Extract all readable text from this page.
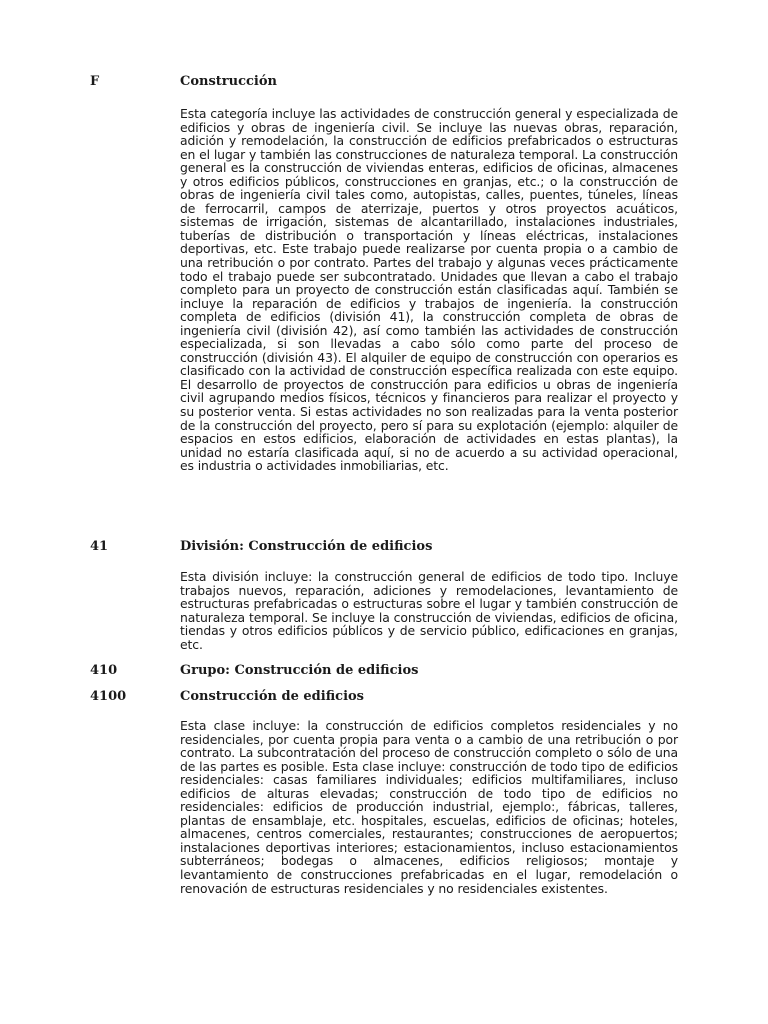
F	Construcción
Esta categoría incluye las actividades de construcción general y especializada de edificios y obras de ingeniería civil. Se incluye las nuevas obras, reparación, adición y remodelación, la construcción de edificios prefabricados o estructuras en el lugar y también las construcciones de naturaleza temporal. La construcción general es la construcción de viviendas enteras, edificios de oficinas, almacenes y otros edificios públicos, construcciones en granjas, etc.; o la construcción de obras de ingeniería civil tales como, autopistas, calles, puentes, túneles, líneas de ferrocarril, campos de aterrizaje, puertos y otros proyectos acuáticos, sistemas de irrigación, sistemas de alcantarillado, instalaciones industriales, tuberías de distribución o transportación y líneas eléctricas, instalaciones deportivas, etc. Este trabajo puede realizarse por cuenta propia o a cambio de una retribución o por contrato. Partes del trabajo y algunas veces prácticamente todo el trabajo puede ser subcontratado. Unidades que llevan a cabo el trabajo completo para un proyecto de construcción están clasificadas aquí. También se incluye la reparación de edificios y trabajos de ingeniería. la construcción completa de edificios (división 41), la construcción completa de obras de ingeniería civil (división 42), así como también las actividades de construcción especializada, si son llevadas a cabo sólo como parte del proceso de construcción (división 43). El alquiler de equipo de construcción con operarios es clasificado con la actividad de construcción específica realizada con este equipo. El desarrollo de proyectos de construcción para edificios u obras de ingeniería civil agrupando medios físicos, técnicos y financieros para realizar el proyecto y su posterior venta. Si estas actividades no son realizadas para la venta posterior de la construcción del proyecto, pero sí para su explotación (ejemplo: alquiler de espacios en estos edificios, elaboración de actividades en estas plantas), la unidad no estaría clasificada aquí, si no de acuerdo a su actividad operacional, es industria o actividades inmobiliarias, etc.
41	División: Construcción de edificios
Esta división incluye: la construcción general de edificios de todo tipo. Incluye trabajos nuevos, reparación, adiciones y remodelaciones, levantamiento de estructuras prefabricadas o estructuras sobre el lugar y también construcción de naturaleza temporal. Se incluye la construcción de viviendas, edificios de oficina, tiendas y otros edificios públicos y de servicio público, edificaciones en granjas, etc.
410	Grupo: Construcción de edificios
4100	Construcción de edificios
Esta clase incluye: la construcción de edificios completos residenciales y no residenciales, por cuenta propia para venta o a cambio de una retribución o por contrato. La subcontratación del proceso de construcción completo o sólo de una de las partes es posible. Esta clase incluye: construcción de todo tipo de edificios residenciales: casas familiares individuales; edificios multifamiliares, incluso edificios de alturas elevadas; construcción de todo tipo de edificios no residenciales: edificios de producción industrial, ejemplo:, fábricas, talleres, plantas de ensamblaje, etc. hospitales, escuelas, edificios de oficinas; hoteles, almacenes, centros comerciales, restaurantes; construcciones de aeropuertos; instalaciones deportivas interiores; estacionamientos, incluso estacionamientos subterráneos; bodegas o almacenes, edificios religiosos; montaje y levantamiento de construcciones prefabricadas en el lugar, remodelación o renovación de estructuras residenciales y no residenciales existentes.
